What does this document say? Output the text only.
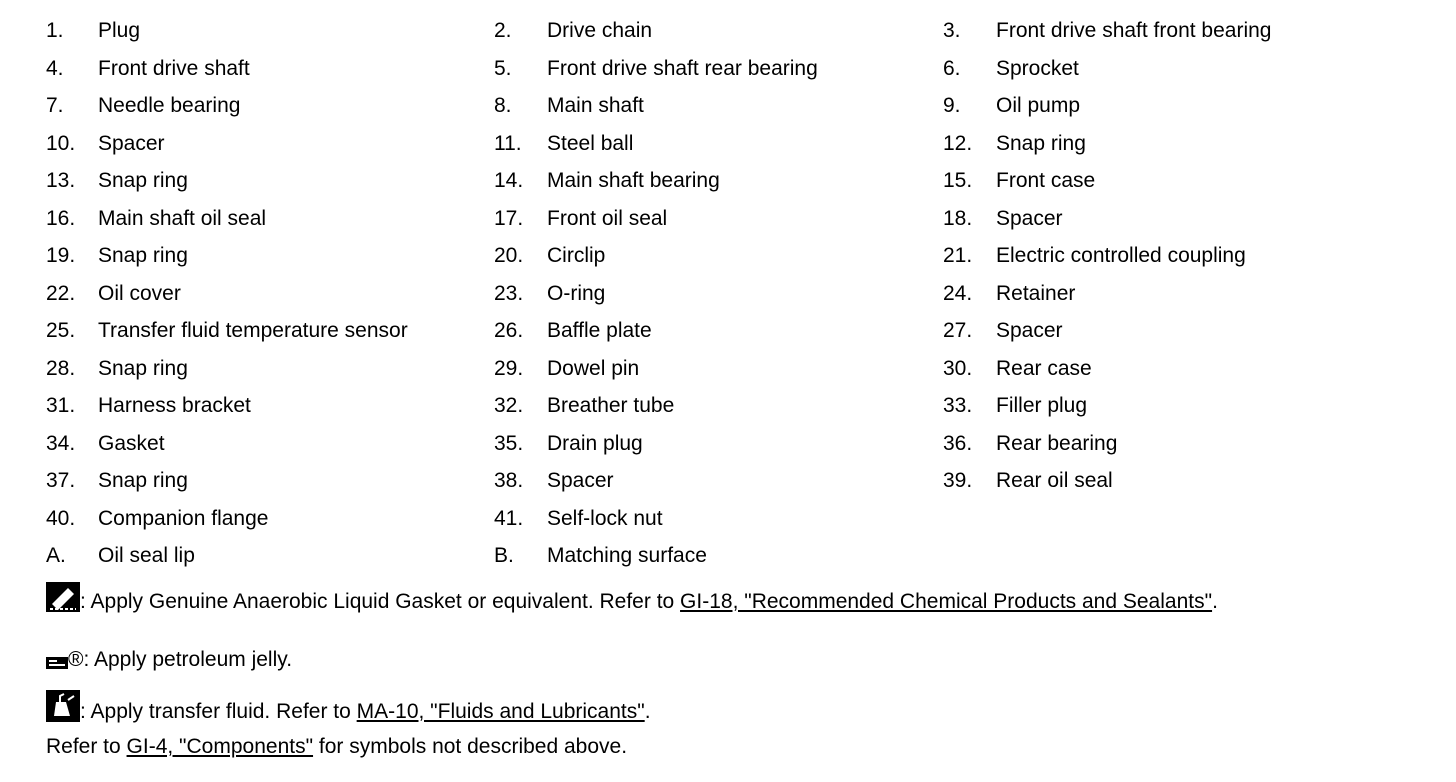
1. Plug	2. Drive chain	3. Front drive shaft front bearing
4. Front drive shaft	5. Front drive shaft rear bearing	6. Sprocket
7. Needle bearing	8. Main shaft	9. Oil pump
10. Spacer	11. Steel ball	12. Snap ring
13. Snap ring	14. Main shaft bearing	15. Front case
16. Main shaft oil seal	17. Front oil seal	18. Spacer
19. Snap ring	20. Circlip	21. Electric controlled coupling
22. Oil cover	23. O-ring	24. Retainer
25. Transfer fluid temperature sensor	26. Baffle plate	27. Spacer
28. Snap ring	29. Dowel pin	30. Rear case
31. Harness bracket	32. Breather tube	33. Filler plug
34. Gasket	35. Drain plug	36. Rear bearing
37. Snap ring	38. Spacer	39. Rear oil seal
40. Companion flange	41. Self-lock nut
A. Oil seal lip	B. Matching surface
: Apply Genuine Anaerobic Liquid Gasket or equivalent. Refer to GI-18, "Recommended Chemical Products and Sealants".
®: Apply petroleum jelly.
: Apply transfer fluid. Refer to MA-10, "Fluids and Lubricants".
Refer to GI-4, "Components" for symbols not described above.
